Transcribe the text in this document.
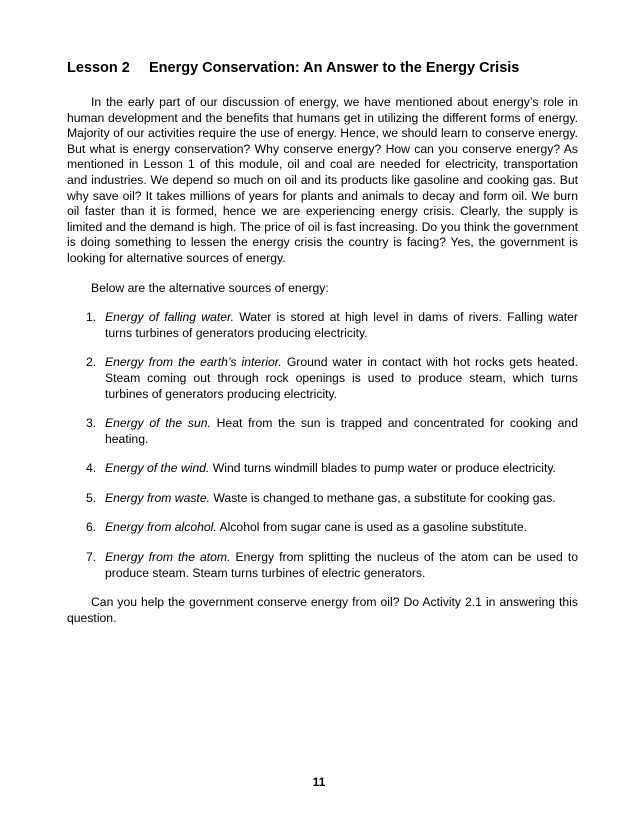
Lesson 2 Energy Conservation: An Answer to the Energy Crisis

In the early part of our discussion of energy, we have mentioned about energy’s role in human development and the benefits that humans get in utilizing the different forms of energy. Majority of our activities require the use of energy. Hence, we should learn to conserve energy. But what is energy conservation? Why conserve energy? How can you conserve energy? As mentioned in Lesson 1 of this module, oil and coal are needed for electricity, transportation and industries. We depend so much on oil and its products like gasoline and cooking gas. But why save oil? It takes millions of years for plants and animals to decay and form oil. We burn oil faster than it is formed, hence we are experiencing energy crisis. Clearly, the supply is limited and the demand is high. The price of oil is fast increasing. Do you think the government is doing something to lessen the energy crisis the country is facing? Yes, the government is looking for alternative sources of energy.

Below are the alternative sources of energy:

1. Energy of falling water. Water is stored at high level in dams of rivers. Falling water turns turbines of generators producing electricity.
2. Energy from the earth’s interior. Ground water in contact with hot rocks gets heated. Steam coming out through rock openings is used to produce steam, which turns turbines of generators producing electricity.
3. Energy of the sun. Heat from the sun is trapped and concentrated for cooking and heating.
4. Energy of the wind. Wind turns windmill blades to pump water or produce electricity.
5. Energy from waste. Waste is changed to methane gas, a substitute for cooking gas.
6. Energy from alcohol. Alcohol from sugar cane is used as a gasoline substitute.
7. Energy from the atom. Energy from splitting the nucleus of the atom can be used to produce steam. Steam turns turbines of electric generators.

Can you help the government conserve energy from oil? Do Activity 2.1 in answering this question.

11
